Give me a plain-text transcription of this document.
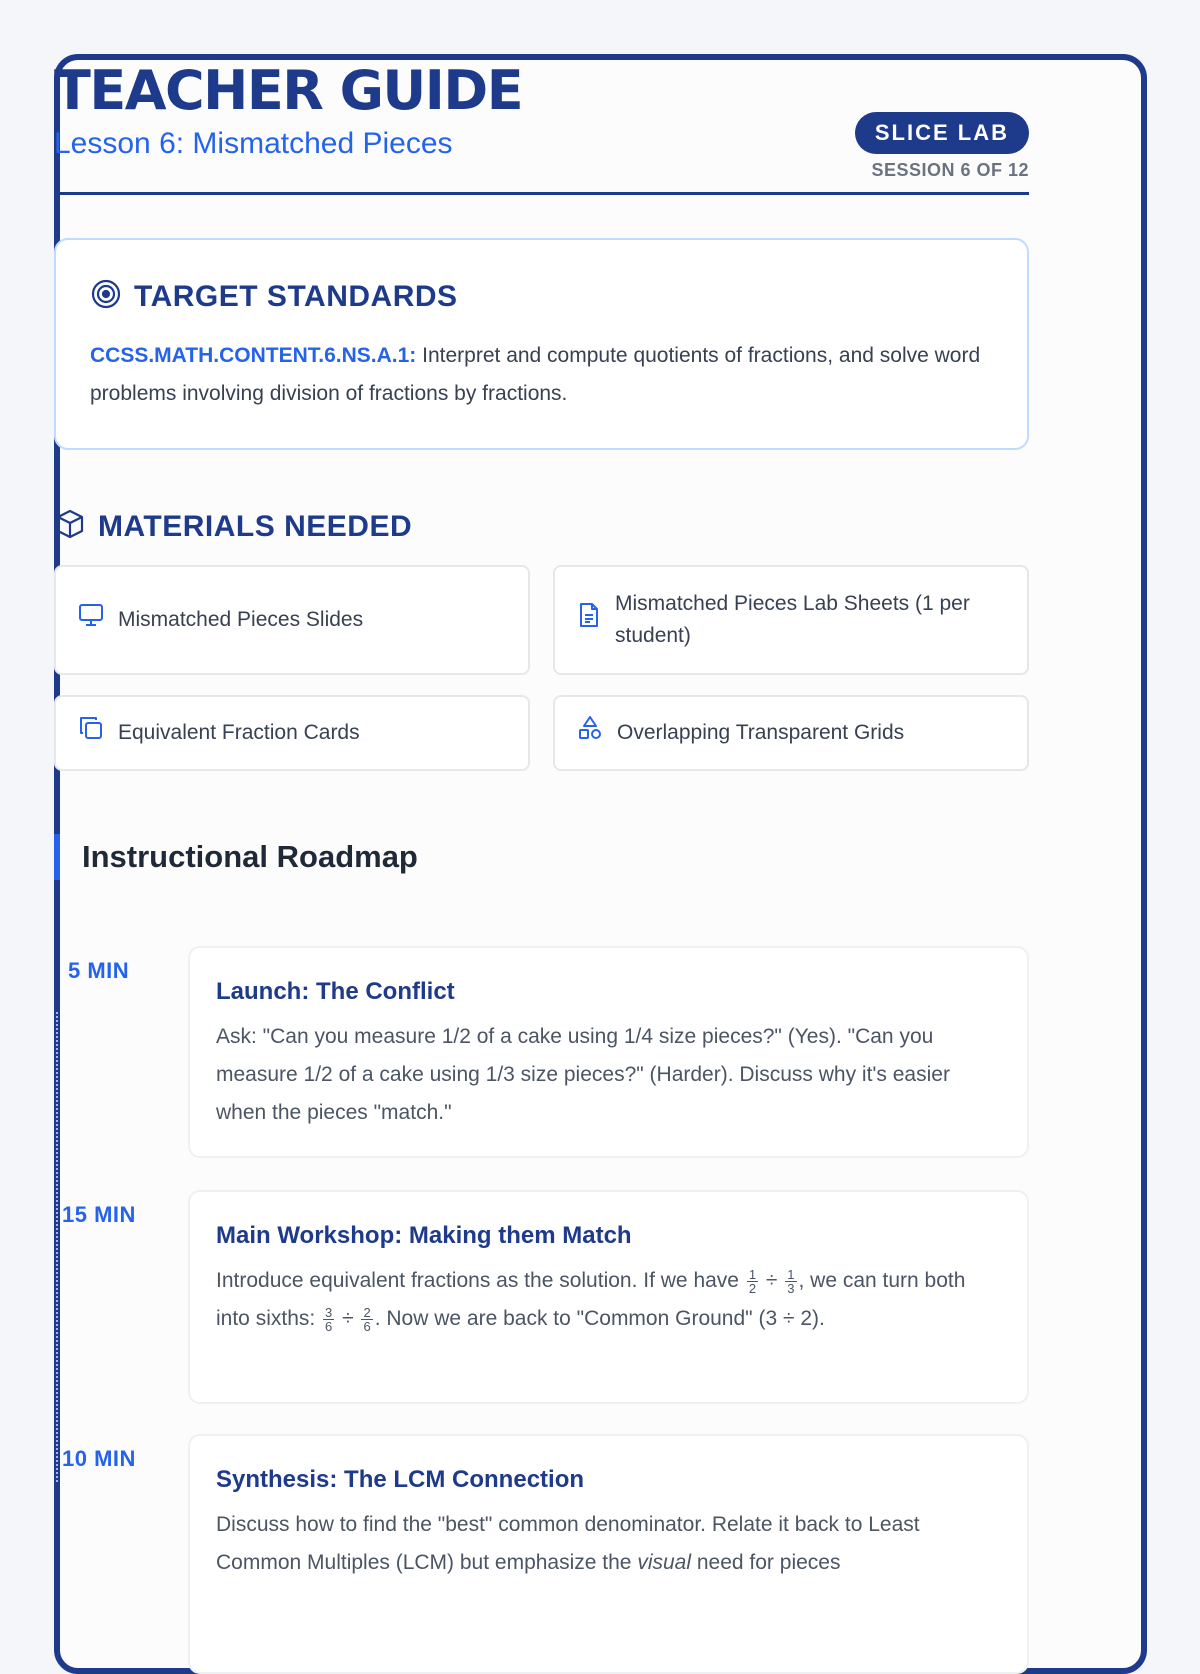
TEACHER GUIDE
Lesson 6: Mismatched Pieces	SLICE LAB
SESSION 6 OF 12
TARGET STANDARDS

CCSS.MATH.CONTENT.6.NS.A.1: Interpret and compute quotients of fractions, and solve word problems involving division of fractions by fractions.

MATERIALS NEEDED
Mismatched Pieces Slides
Mismatched Pieces Lab Sheets (1 per student)
Equivalent Fraction Cards	Overlapping Transparent Grids
Instructional Roadmap
5 MIN
Launch: The Conflict
Ask: "Can you measure 1/2 of a cake using 1/4 size pieces?" (Yes). "Can you measure 1/2 of a cake using 1/3 size pieces?" (Harder). Discuss why it's easier when the pieces "match."
15 MIN
Main Workshop: Making them Match
Introduce equivalent fractions as the solution. If we have $\frac{1}{2} \div \frac{1}{3}$ , we can turn both into sixths: $\frac{3}{6} \div \frac{2}{6}$ . Now we are back to "Common Ground" (3 ÷ 2).
10 MIN
Synthesis: The LCM Connection
Discuss how to find the "best" common denominator. Relate it back to Least Common Multiples (LCM) but emphasize the visual need for pieces
